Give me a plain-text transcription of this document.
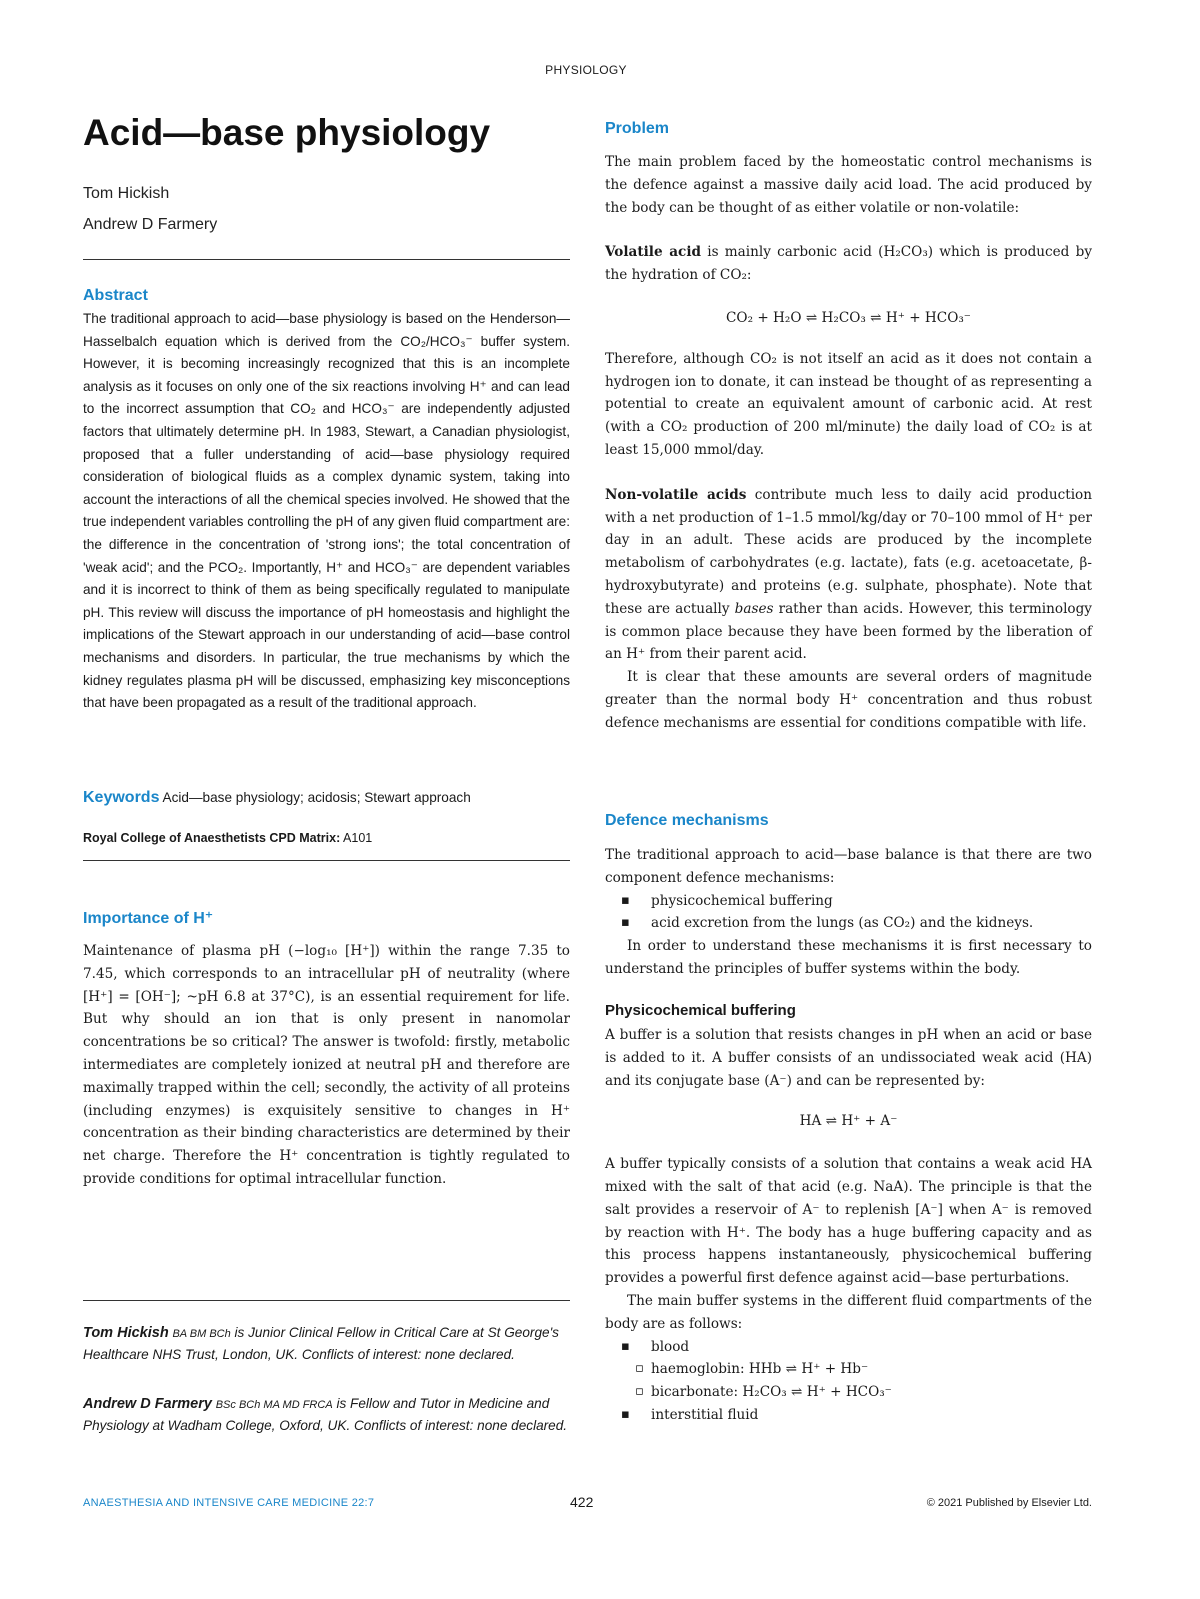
PHYSIOLOGY
Acid—base physiology
Tom Hickish
Andrew D Farmery
Abstract
The traditional approach to acid—base physiology is based on the Henderson—Hasselbalch equation which is derived from the CO₂/HCO₃⁻ buffer system. However, it is becoming increasingly recognized that this is an incomplete analysis as it focuses on only one of the six reactions involving H⁺ and can lead to the incorrect assumption that CO₂ and HCO₃⁻ are independently adjusted factors that ultimately determine pH. In 1983, Stewart, a Canadian physiologist, proposed that a fuller understanding of acid—base physiology required consideration of biological fluids as a complex dynamic system, taking into account the interactions of all the chemical species involved. He showed that the true independent variables controlling the pH of any given fluid compartment are: the difference in the concentration of 'strong ions'; the total concentration of 'weak acid'; and the PCO₂. Importantly, H⁺ and HCO₃⁻ are dependent variables and it is incorrect to think of them as being specifically regulated to manipulate pH. This review will discuss the importance of pH homeostasis and highlight the implications of the Stewart approach in our understanding of acid—base control mechanisms and disorders. In particular, the true mechanisms by which the kidney regulates plasma pH will be discussed, emphasizing key misconceptions that have been propagated as a result of the traditional approach.
Keywords Acid—base physiology; acidosis; Stewart approach
Royal College of Anaesthetists CPD Matrix: A101
Importance of H⁺
Maintenance of plasma pH (−log₁₀ [H⁺]) within the range 7.35 to 7.45, which corresponds to an intracellular pH of neutrality (where [H⁺] = [OH⁻]; ~pH 6.8 at 37°C), is an essential requirement for life. But why should an ion that is only present in nanomolar concentrations be so critical? The answer is twofold: firstly, metabolic intermediates are completely ionized at neutral pH and therefore are maximally trapped within the cell; secondly, the activity of all proteins (including enzymes) is exquisitely sensitive to changes in H⁺ concentration as their binding characteristics are determined by their net charge. Therefore the H⁺ concentration is tightly regulated to provide conditions for optimal intracellular function.
Tom Hickish BA BM BCh is Junior Clinical Fellow in Critical Care at St George's Healthcare NHS Trust, London, UK. Conflicts of interest: none declared.
Andrew D Farmery BSc BCh MA MD FRCA is Fellow and Tutor in Medicine and Physiology at Wadham College, Oxford, UK. Conflicts of interest: none declared.
Problem

The main problem faced by the homeostatic control mechanisms is the defence against a massive daily acid load. The acid produced by the body can be thought of as either volatile or non-volatile:

Volatile acid is mainly carbonic acid (H₂CO₃) which is produced by the hydration of CO₂:

CO₂ + H₂O ⇌ H₂CO₃ ⇌ H⁺ + HCO₃⁻

Therefore, although CO₂ is not itself an acid as it does not contain a hydrogen ion to donate, it can instead be thought of as representing a potential to create an equivalent amount of carbonic acid. At rest (with a CO₂ production of 200 ml/minute) the daily load of CO₂ is at least 15,000 mmol/day.

Non-volatile acids contribute much less to daily acid production with a net production of 1–1.5 mmol/kg/day or 70–100 mmol of H⁺ per day in an adult. These acids are produced by the incomplete metabolism of carbohydrates (e.g. lactate), fats (e.g. acetoacetate, β-hydroxybutyrate) and proteins (e.g. sulphate, phosphate). Note that these are actually bases rather than acids. However, this terminology is common place because they have been formed by the liberation of an H⁺ from their parent acid.

It is clear that these amounts are several orders of magnitude greater than the normal body H⁺ concentration and thus robust defence mechanisms are essential for conditions compatible with life.

Defence mechanisms

The traditional approach to acid—base balance is that there are two component defence mechanisms:

▪ physicochemical buffering
▪ acid excretion from the lungs (as CO₂) and the kidneys.

In order to understand these mechanisms it is first necessary to understand the principles of buffer systems within the body.

Physicochemical buffering

A buffer is a solution that resists changes in pH when an acid or base is added to it. A buffer consists of an undissociated weak acid (HA) and its conjugate base (A⁻) and can be represented by:

HA ⇌ H⁺ + A⁻

A buffer typically consists of a solution that contains a weak acid HA mixed with the salt of that acid (e.g. NaA). The principle is that the salt provides a reservoir of A⁻ to replenish [A⁻] when A⁻ is removed by reaction with H⁺. The body has a huge buffering capacity and as this process happens instantaneously, physicochemical buffering provides a powerful first defence against acid—base perturbations.

The main buffer systems in the different fluid compartments of the body are as follows:

▪ blood
▫ haemoglobin: HHb ⇌ H⁺ + Hb⁻
▫ bicarbonate: H₂CO₃ ⇌ H⁺ + HCO₃⁻
▪ interstitial fluid
ANAESTHESIA AND INTENSIVE CARE MEDICINE 22:7	422	© 2021 Published by Elsevier Ltd.
